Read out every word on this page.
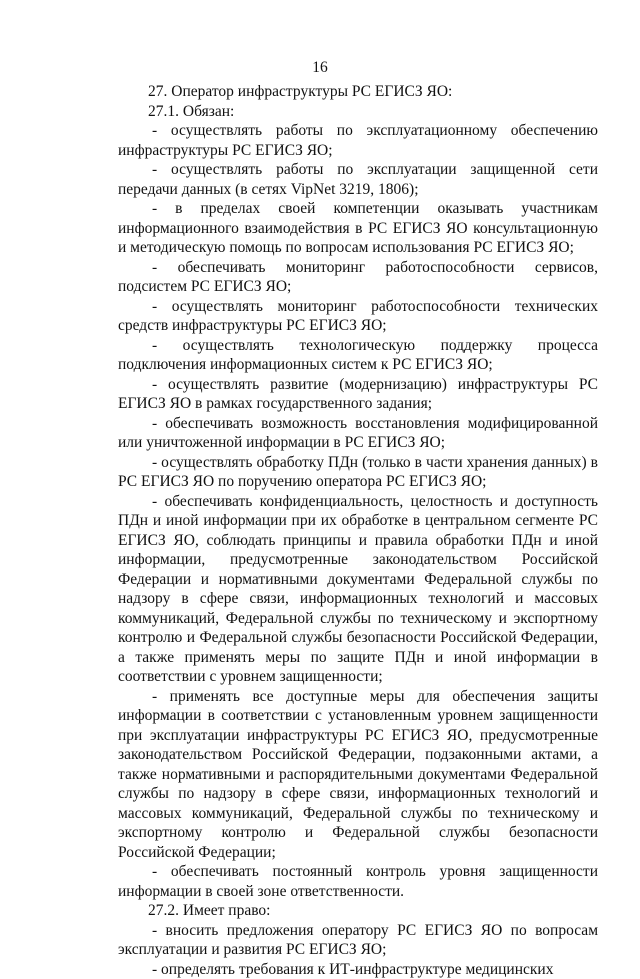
16

27. Оператор инфраструктуры РС ЕГИСЗ ЯО:

27.1. Обязан:

- осуществлять работы по эксплуатационному обеспечению инфраструктуры РС ЕГИСЗ ЯО;

- осуществлять работы по эксплуатации защищенной сети передачи данных (в сетях VipNet 3219, 1806);

- в пределах своей компетенции оказывать участникам информационного взаимодействия в РС ЕГИСЗ ЯО консультационную и методическую помощь по вопросам использования РС ЕГИСЗ ЯО;

- обеспечивать мониторинг работоспособности сервисов, подсистем РС ЕГИСЗ ЯО;

- осуществлять мониторинг работоспособности технических средств инфраструктуры РС ЕГИСЗ ЯО;

- осуществлять технологическую поддержку процесса подключения информационных систем к РС ЕГИСЗ ЯО;

- осуществлять развитие (модернизацию) инфраструктуры РС ЕГИСЗ ЯО в рамках государственного задания;

- обеспечивать возможность восстановления модифицированной или уничтоженной информации в РС ЕГИСЗ ЯО;

- осуществлять обработку ПДн (только в части хранения данных) в РС ЕГИСЗ ЯО по поручению оператора РС ЕГИСЗ ЯО;

- обеспечивать конфиденциальность, целостность и доступность ПДн и иной информации при их обработке в центральном сегменте РС ЕГИСЗ ЯО, соблюдать принципы и правила обработки ПДн и иной информации, предусмотренные законодательством Российской Федерации и нормативными документами Федеральной службы по надзору в сфере связи, информационных технологий и массовых коммуникаций, Федеральной службы по техническому и экспортному контролю и Федеральной службы безопасности Российской Федерации, а также применять меры по защите ПДн и иной информации в соответствии с уровнем защищенности;

- применять все доступные меры для обеспечения защиты информации в соответствии с установленным уровнем защищенности при эксплуатации инфраструктуры РС ЕГИСЗ ЯО, предусмотренные законодательством Российской Федерации, подзаконными актами, а также нормативными и распорядительными документами Федеральной службы по надзору в сфере связи, информационных технологий и массовых коммуникаций, Федеральной службы по техническому и экспортному контролю и Федеральной службы безопасности Российской Федерации;

- обеспечивать постоянный контроль уровня защищенности информации в своей зоне ответственности.

27.2. Имеет право:

- вносить предложения оператору РС ЕГИСЗ ЯО по вопросам эксплуатации и развития РС ЕГИСЗ ЯО;

- определять требования к ИТ-инфраструктуре медицинских
